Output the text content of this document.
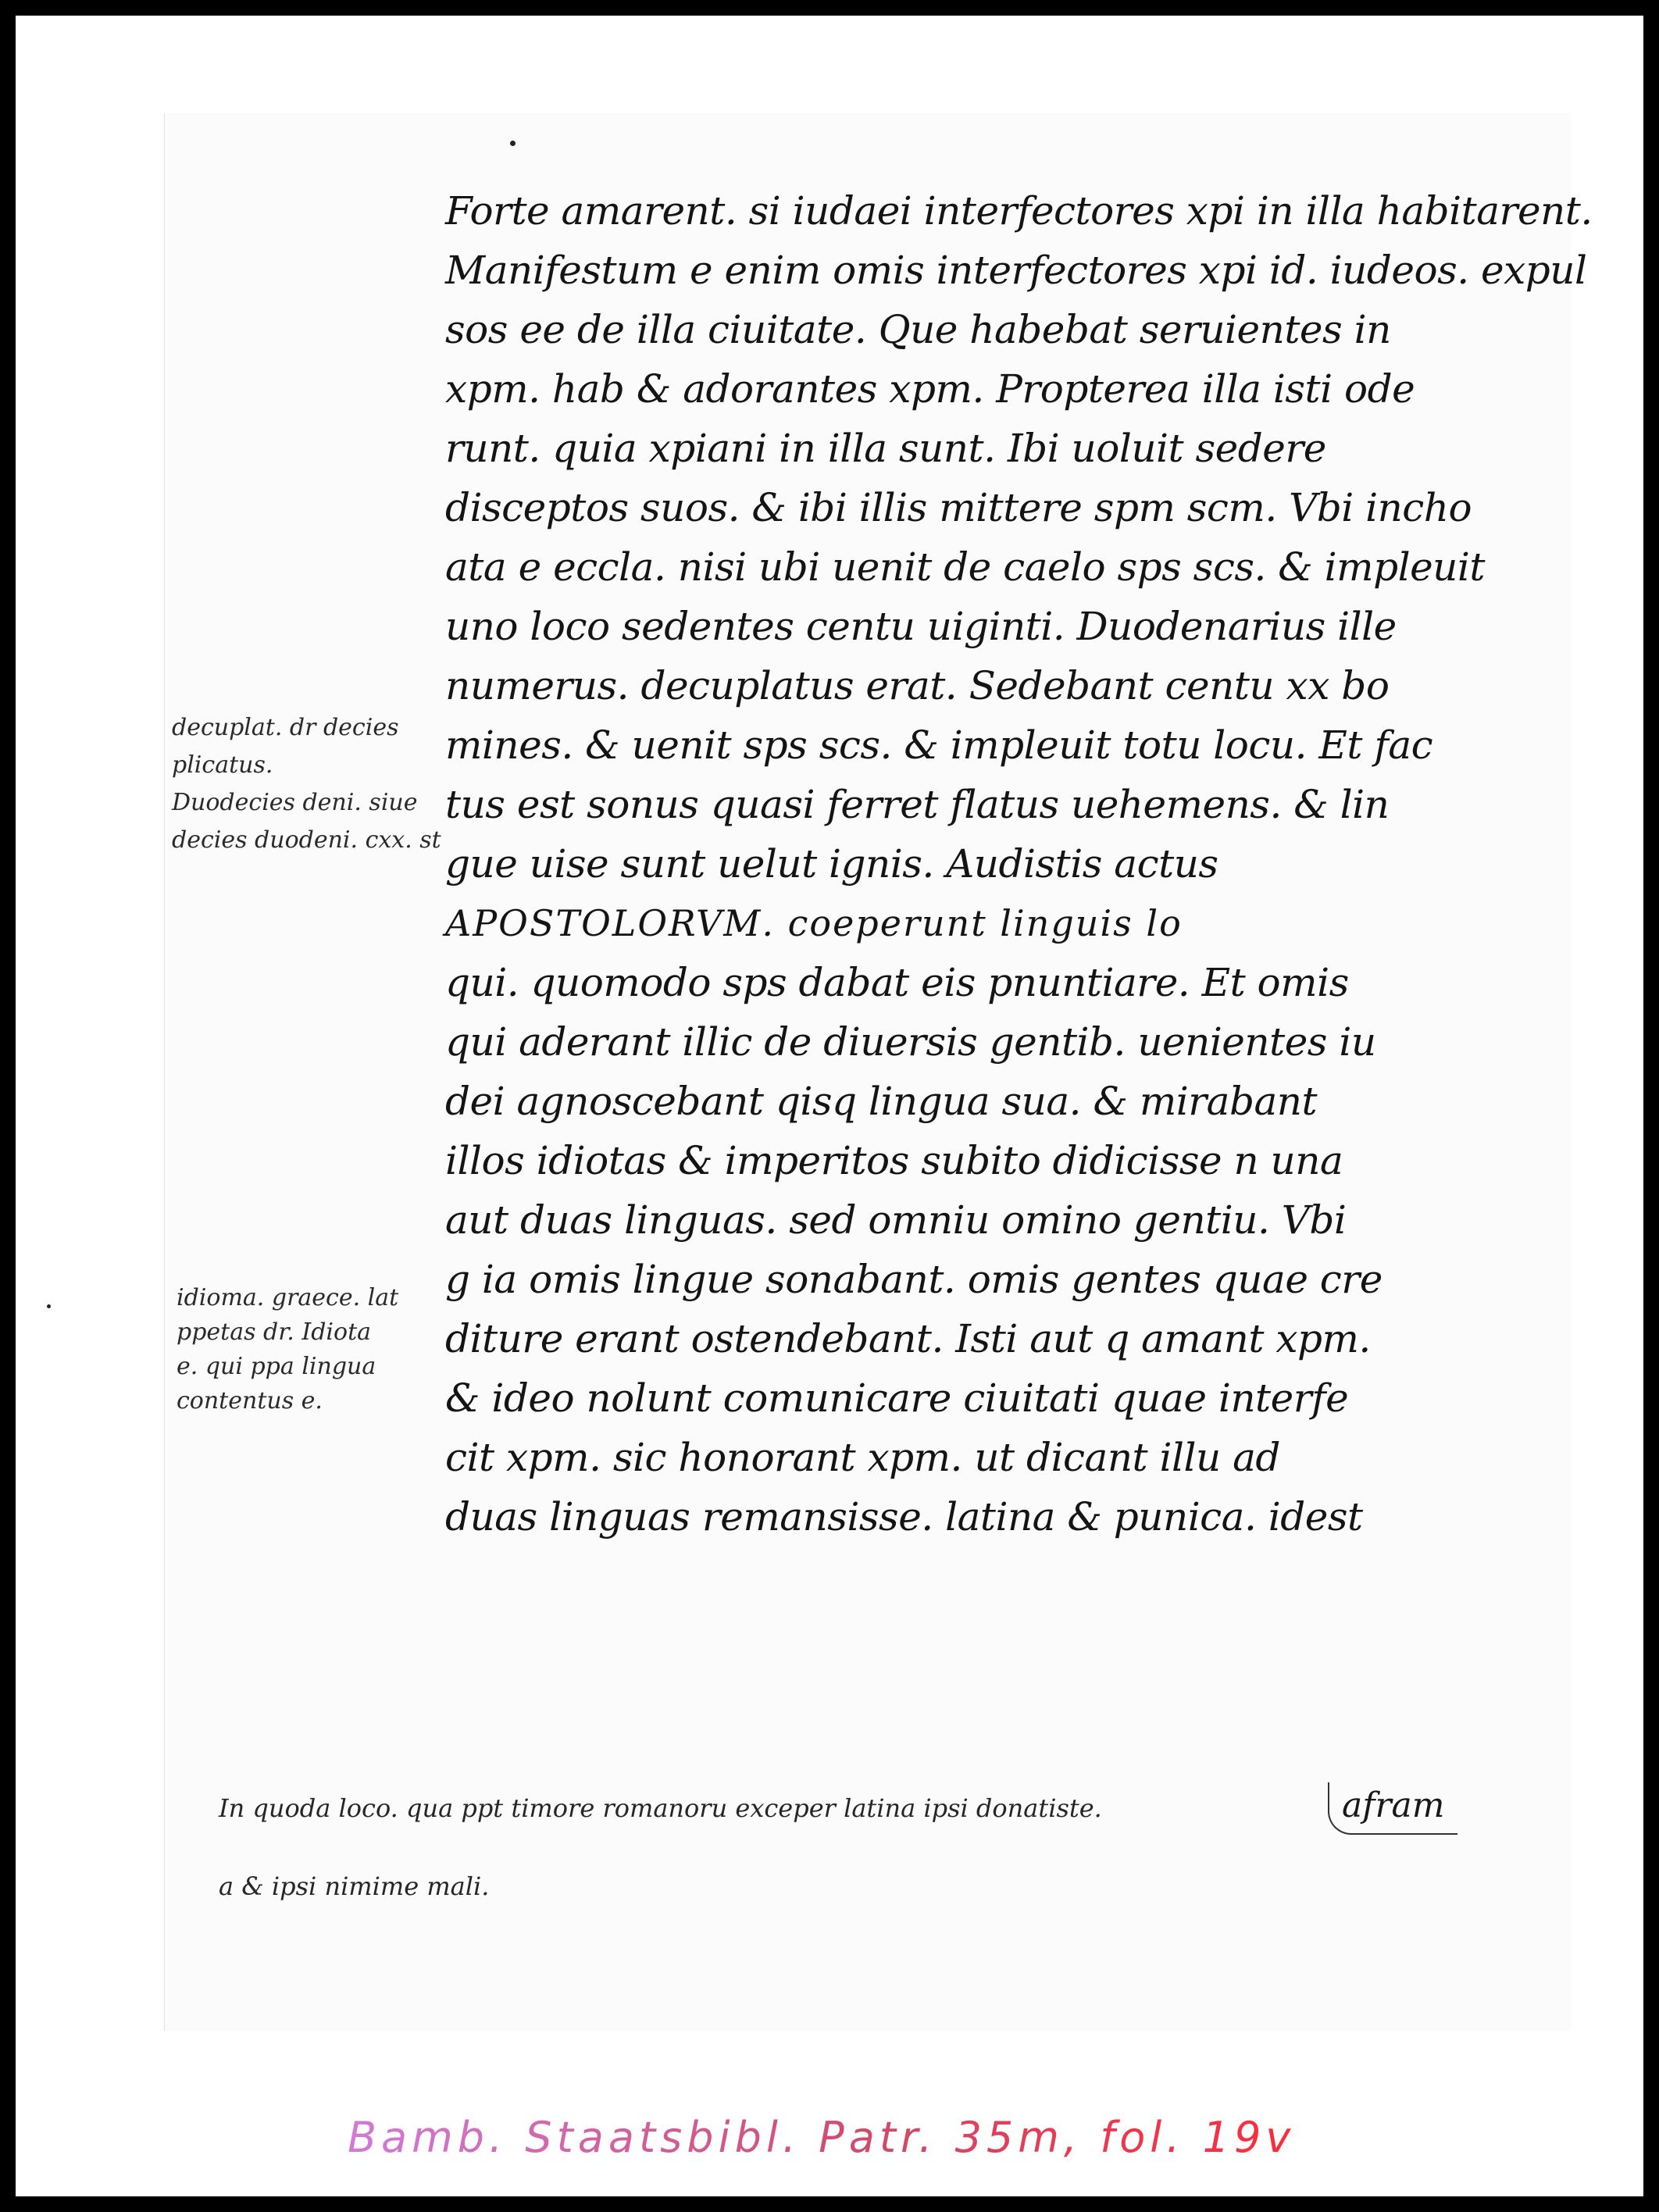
Forte amarent. si iudaei interfectores xpi in illa habitarent.
Manifestum e enim omis interfectores xpi id. iudeos. expul
sos ee de illa ciuitate. Que habebat seruientes in
xpm. hab & adorantes xpm. Propterea illa isti ode
runt. quia xpiani in illa sunt. Ibi uoluit sedere
disceptos suos. & ibi illis mittere spm scm. Vbi incho
ata e eccla. nisi ubi uenit de caelo sps scs. & impleuit
uno loco sedentes centu uiginti. Duodenarius ille
numerus. decuplatus erat. Sedebant centu xx bo
mines. & uenit sps scs. & impleuit totu locu. Et fac
tus est sonus quasi ferret flatus uehemens. & lin
gue uise sunt uelut ignis. Audistis actus
APOSTOLORVM. coeperunt linguis lo
qui. quomodo sps dabat eis pnuntiare. Et omis
qui aderant illic de diuersis gentib. uenientes iu
dei agnoscebant qisq lingua sua. & mirabant
illos idiotas & imperitos subito didicisse n una
aut duas linguas. sed omniu omino gentiu. Vbi
g ia omis lingue sonabant. omis gentes quae cre
diture erant ostendebant. Isti aut q amant xpm.
& ideo nolunt comunicare ciuitati quae interfe
cit xpm. sic honorant xpm. ut dicant illu ad
duas linguas remansisse. latina & punica. idest
decuplat. dr decies
plicatus.
Duodecies deni. siue
decies duodeni. cxx. st
idioma. graece. lat
ppetas dr. Idiota
e. qui ppa lingua
contentus e.
In quoda loco. qua ppt timore romanoru exceper latina ipsi donatiste.
a & ipsi nimime mali.
afram
Bamb. Staatsbibl. Patr. 35m, fol. 19v
